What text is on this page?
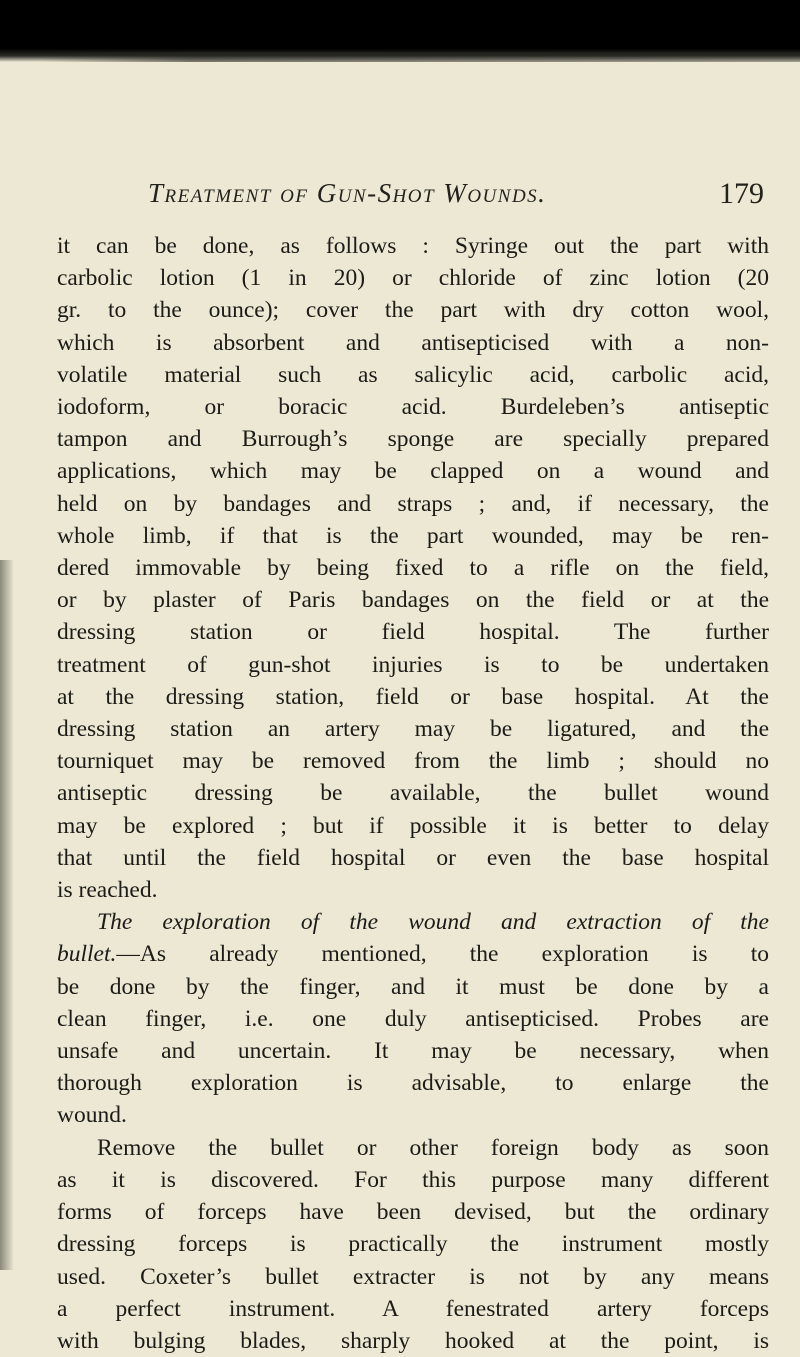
Treatment of Gun-Shot Wounds.	179
it can be done, as follows : Syringe out the part with
carbolic lotion (1 in 20) or chloride of zinc lotion (20
gr. to the ounce); cover the part with dry cotton wool,
which is absorbent and antisepticised with a non-
volatile material such as salicylic acid, carbolic acid,
iodoform, or boracic acid. Burdeleben’s antiseptic
tampon and Burrough’s sponge are specially prepared
applications, which may be clapped on a wound and
held on by bandages and straps ; and, if necessary, the
whole limb, if that is the part wounded, may be ren-
dered immovable by being fixed to a rifle on the field,
or by plaster of Paris bandages on the field or at the
dressing station or field hospital. The further
treatment of gun-shot injuries is to be undertaken
at the dressing station, field or base hospital. At the
dressing station an artery may be ligatured, and the
tourniquet may be removed from the limb ; should no
antiseptic dressing be available, the bullet wound
may be explored ; but if possible it is better to delay
that until the field hospital or even the base hospital
is reached.
The exploration of the wound and extraction of the
bullet.—As already mentioned, the exploration is to
be done by the finger, and it must be done by a
clean finger, i.e. one duly antisepticised. Probes are
unsafe and uncertain. It may be necessary, when
thorough exploration is advisable, to enlarge the
wound.
Remove the bullet or other foreign body as soon
as it is discovered. For this purpose many different
forms of forceps have been devised, but the ordinary
dressing forceps is practically the instrument mostly
used. Coxeter’s bullet extracter is not by any means
a perfect instrument. A fenestrated artery forceps
with bulging blades, sharply hooked at the point, is
